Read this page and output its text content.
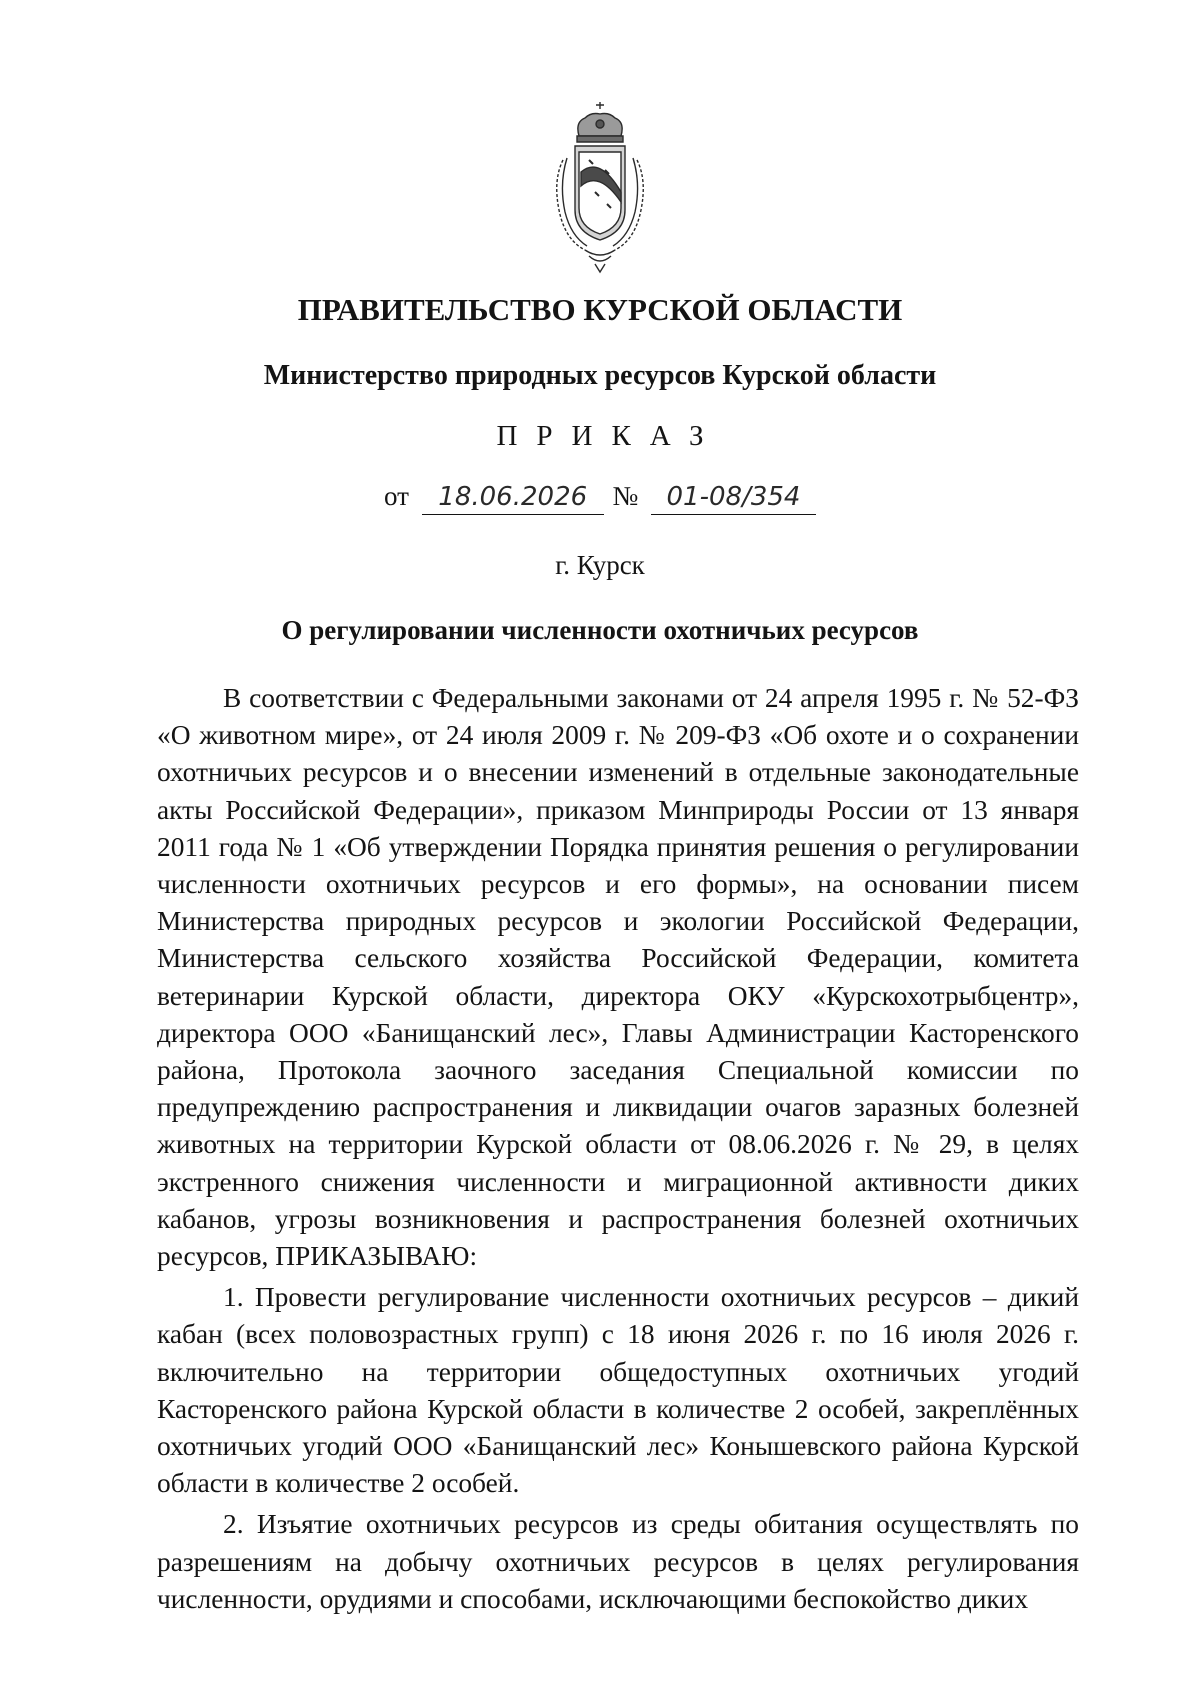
ПРАВИТЕЛЬСТВО КУРСКОЙ ОБЛАСТИ
Министерство природных ресурсов Курской области
ПРИКАЗ
от 18.06.2026 № 01-08/354
г. Курск
О регулировании численности охотничьих ресурсов

В соответствии с Федеральными законами от 24 апреля 1995 г. № 52-ФЗ «О животном мире», от 24 июля 2009 г. № 209-ФЗ «Об охоте и о сохранении охотничьих ресурсов и о внесении изменений в отдельные законодательные акты Российской Федерации», приказом Минприроды России от 13 января 2011 года № 1 «Об утверждении Порядка принятия решения о регулировании численности охотничьих ресурсов и его формы», на основании писем Министерства природных ресурсов и экологии Российской Федерации, Министерства сельского хозяйства Российской Федерации, комитета ветеринарии Курской области, директора ОКУ «Курскохотрыбцентр», директора ООО «Банищанский лес», Главы Администрации Касторенского района, Протокола заочного заседания Специальной комиссии по предупреждению распространения и ликвидации очагов заразных болезней животных на территории Курской области от 08.06.2026 г. № 29, в целях экстренного снижения численности и миграционной активности диких кабанов, угрозы возникновения и распространения болезней охотничьих ресурсов, ПРИКАЗЫВАЮ:

1. Провести регулирование численности охотничьих ресурсов – дикий кабан (всех половозрастных групп) с 18 июня 2026 г. по 16 июля 2026 г. включительно на территории общедоступных охотничьих угодий Касторенского района Курской области в количестве 2 особей, закреплённых охотничьих угодий ООО «Банищанский лес» Конышевского района Курской области в количестве 2 особей.

2. Изъятие охотничьих ресурсов из среды обитания осуществлять по разрешениям на добычу охотничьих ресурсов в целях регулирования численности, орудиями и способами, исключающими беспокойство диких
